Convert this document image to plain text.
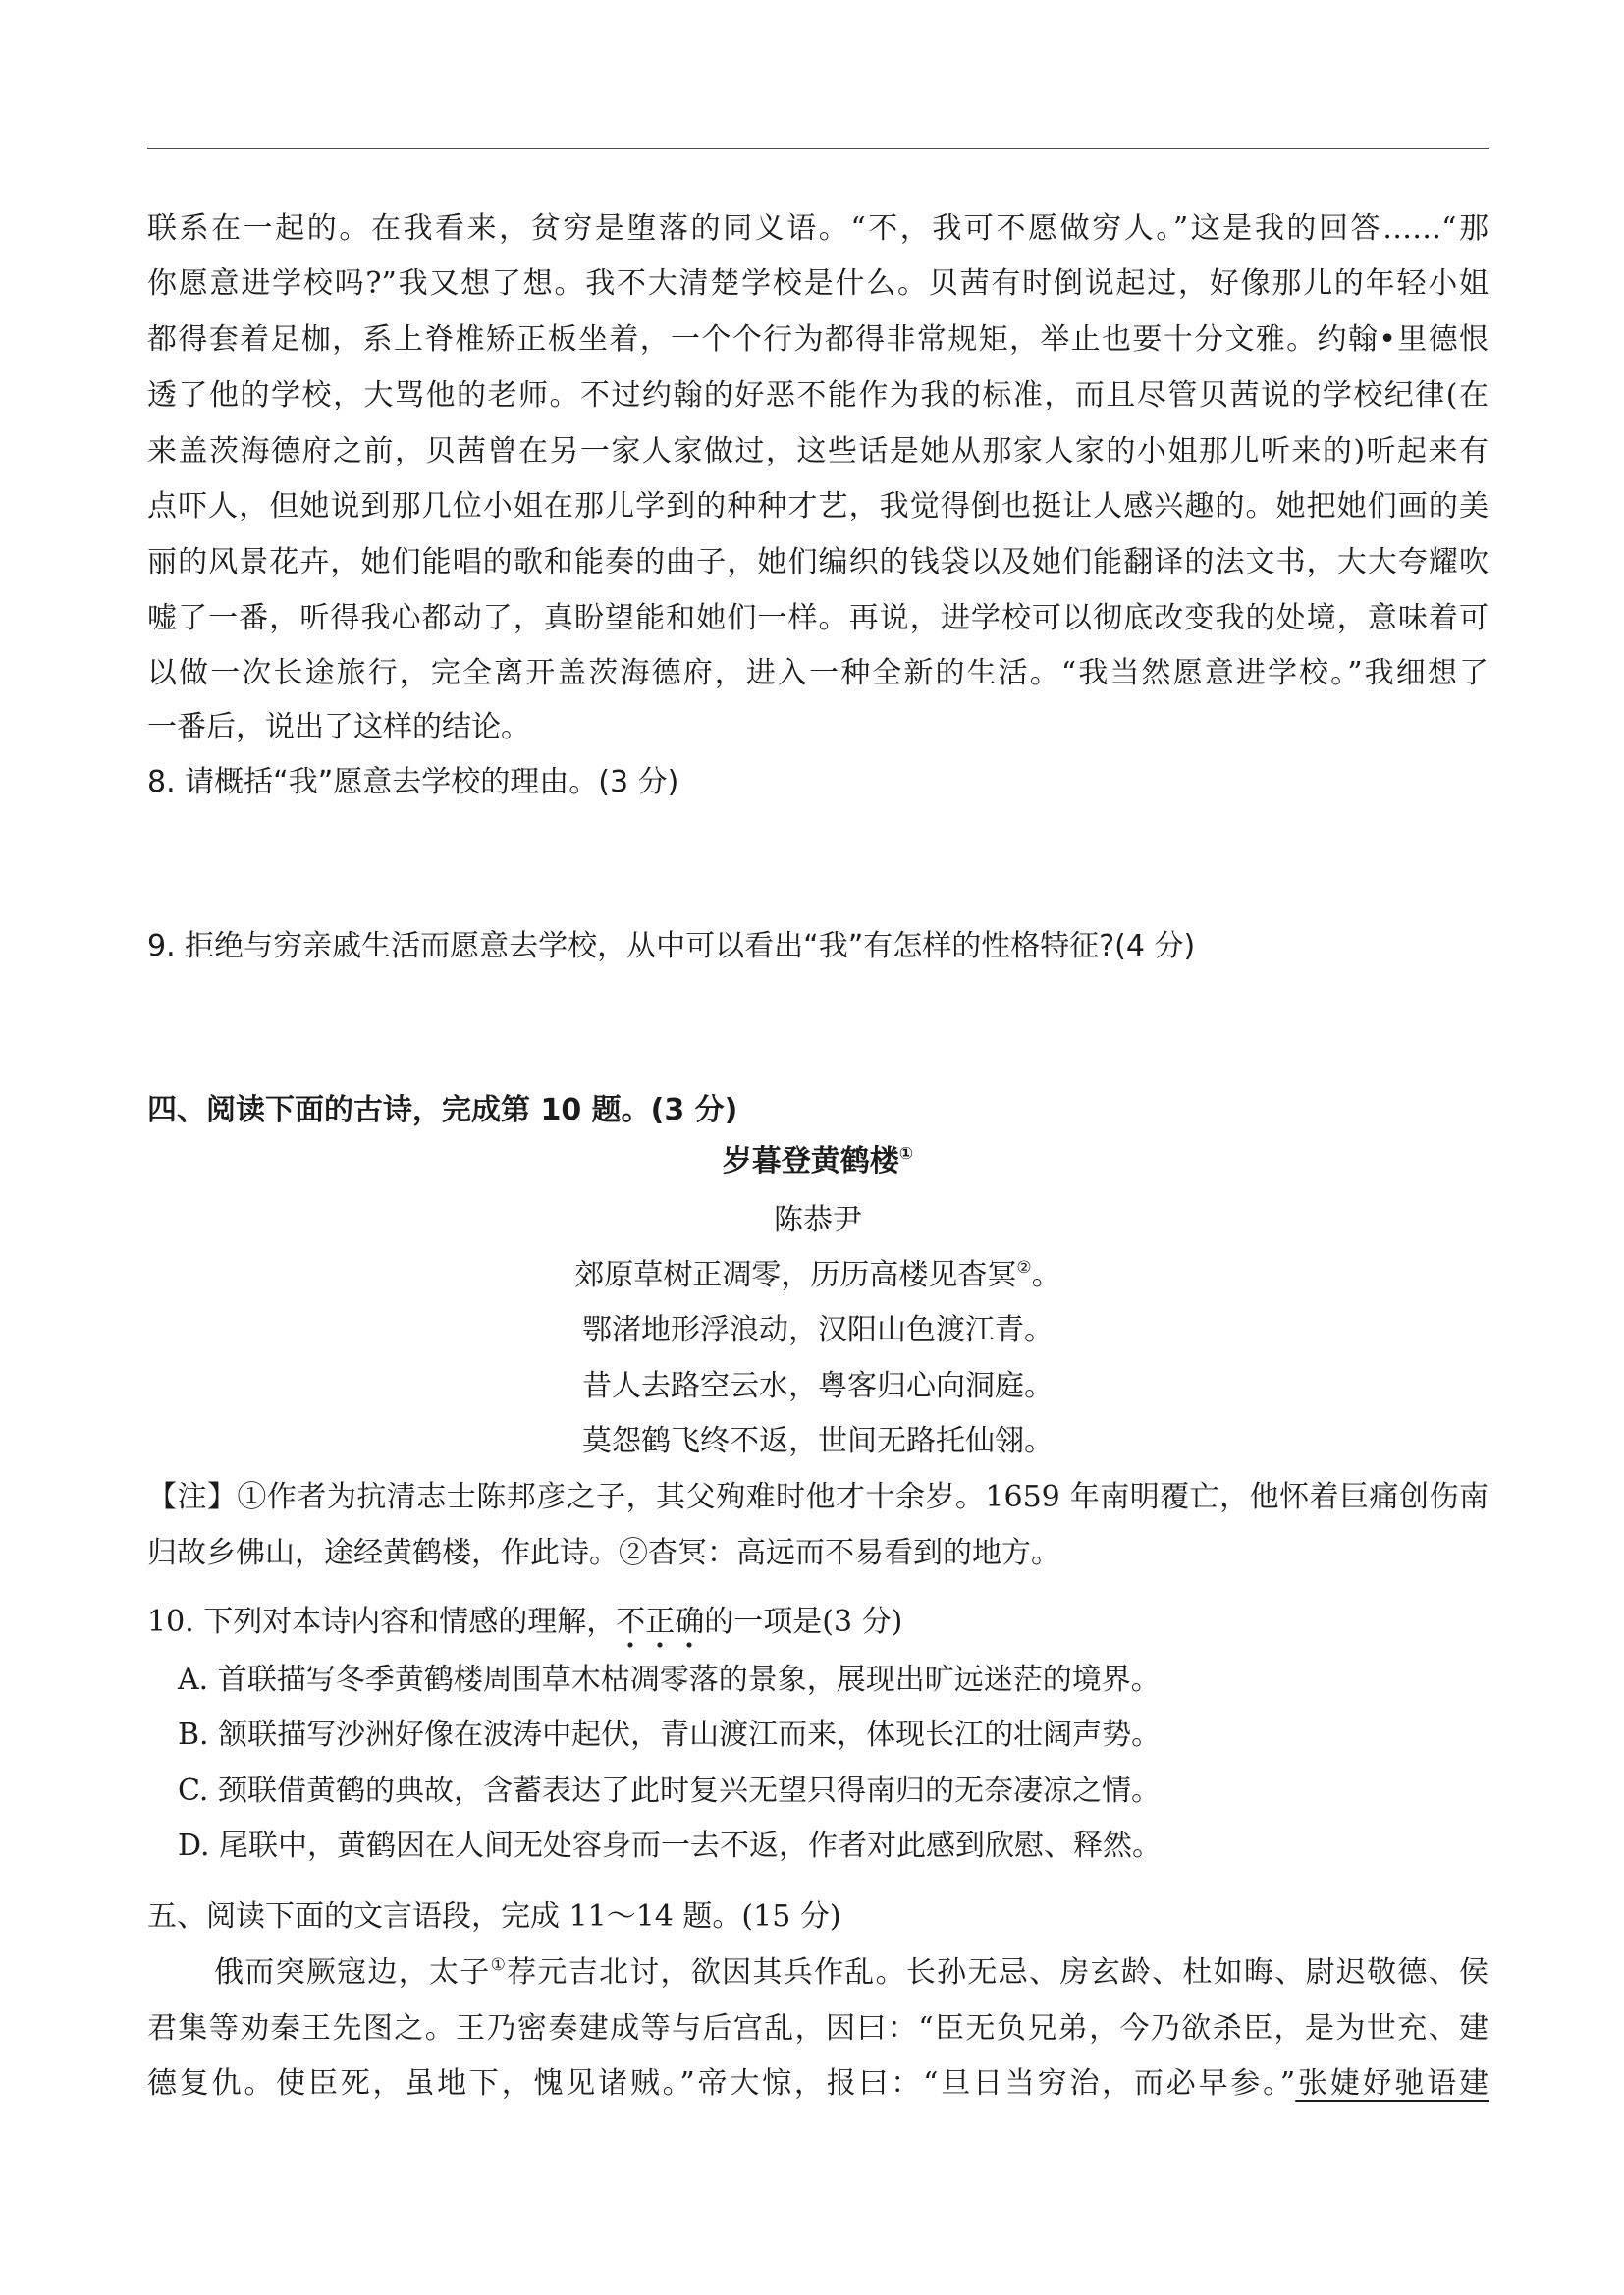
联系在一起的。在我看来，贫穷是堕落的同义语。“不，我可不愿做穷人。”这是我的回答……“那
你愿意进学校吗?”我又想了想。我不大清楚学校是什么。贝茜有时倒说起过，好像那儿的年轻小姐
都得套着足枷，系上脊椎矫正板坐着，一个个行为都得非常规矩，举止也要十分文雅。约翰•里德恨
透了他的学校，大骂他的老师。不过约翰的好恶不能作为我的标准，而且尽管贝茜说的学校纪律(在
来盖茨海德府之前，贝茜曾在另一家人家做过，这些话是她从那家人家的小姐那儿听来的)听起来有
点吓人，但她说到那几位小姐在那儿学到的种种才艺，我觉得倒也挺让人感兴趣的。她把她们画的美
丽的风景花卉，她们能唱的歌和能奏的曲子，她们编织的钱袋以及她们能翻译的法文书，大大夸耀吹
嘘了一番，听得我心都动了，真盼望能和她们一样。再说，进学校可以彻底改变我的处境，意味着可
以做一次长途旅行，完全离开盖茨海德府，进入一种全新的生活。“我当然愿意进学校。”我细想了
一番后，说出了这样的结论。
8. 请概括“我”愿意去学校的理由。(3 分)
9. 拒绝与穷亲戚生活而愿意去学校，从中可以看出“我”有怎样的性格特征?(4 分)
四、阅读下面的古诗，完成第 10 题。(3 分)
岁暮登黄鹤楼①
陈恭尹
郊原草树正凋零，历历高楼见杳冥②。
鄂渚地形浮浪动，汉阳山色渡江青。
昔人去路空云水，粤客归心向洞庭。
莫怨鹤飞终不返，世间无路托仙翎。
【注】①作者为抗清志士陈邦彦之子，其父殉难时他才十余岁。1659 年南明覆亡，他怀着巨痛创伤南
归故乡佛山，途经黄鹤楼，作此诗。②杳冥：高远而不易看到的地方。
10. 下列对本诗内容和情感的理解，不正确的一项是(3 分)
A. 首联描写冬季黄鹤楼周围草木枯凋零落的景象，展现出旷远迷茫的境界。
B. 颔联描写沙洲好像在波涛中起伏，青山渡江而来，体现长江的壮阔声势。
C. 颈联借黄鹤的典故，含蓄表达了此时复兴无望只得南归的无奈凄凉之情。
D. 尾联中，黄鹤因在人间无处容身而一去不返，作者对此感到欣慰、释然。
五、阅读下面的文言语段，完成 11～14 题。(15 分)
俄而突厥寇边，太子①荐元吉北讨，欲因其兵作乱。长孙无忌、房玄龄、杜如晦、尉迟敬德、侯
君集等劝秦王先图之。王乃密奏建成等与后宫乱，因曰：“臣无负兄弟，今乃欲杀臣，是为世充、建
德复仇。使臣死，虽地下，愧见诸贼。”帝大惊，报曰：“旦日当穷治，而必早参。”张婕妤驰语建
